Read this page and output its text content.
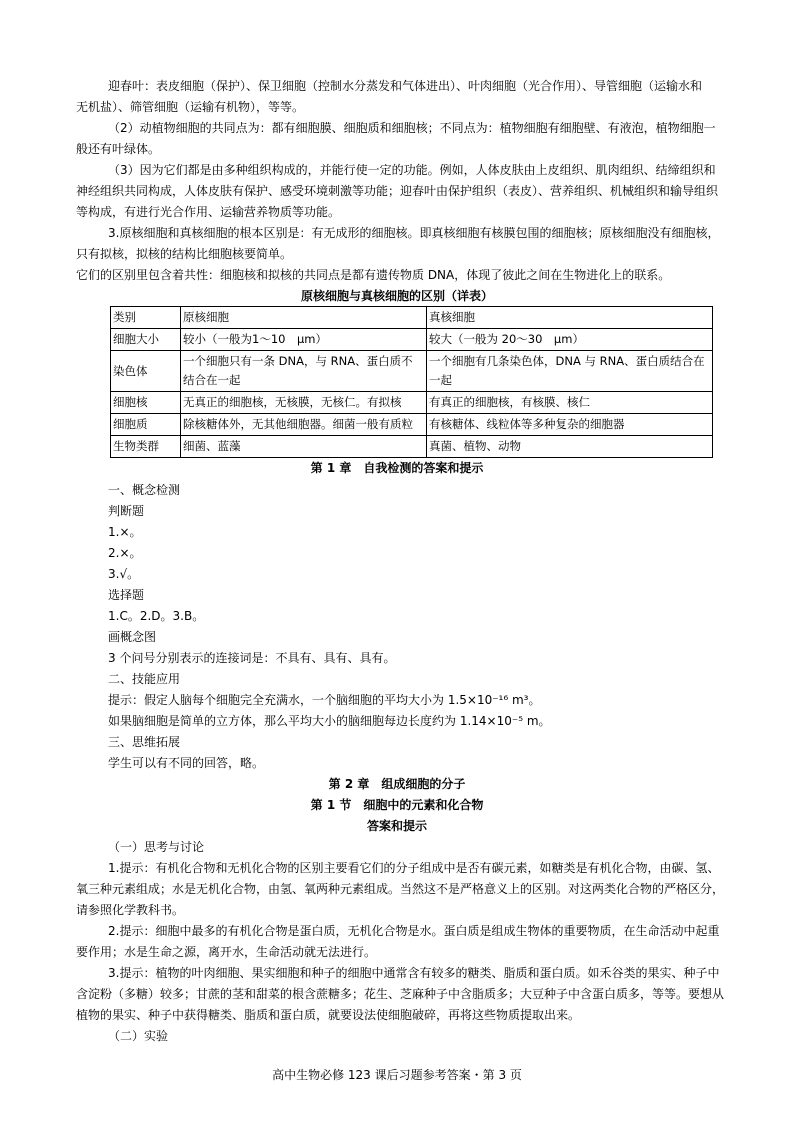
迎春叶：表皮细胞（保护）、保卫细胞（控制水分蒸发和气体进出）、叶肉细胞（光合作用）、导管细胞（运输水和
无机盐）、筛管细胞（运输有机物），等等。
（2）动植物细胞的共同点为：都有细胞膜、细胞质和细胞核；不同点为：植物细胞有细胞壁、有液泡，植物细胞一
般还有叶绿体。
（3）因为它们都是由多种组织构成的，并能行使一定的功能。例如，人体皮肤由上皮组织、肌肉组织、结缔组织和
神经组织共同构成，人体皮肤有保护、感受环境刺激等功能；迎春叶由保护组织（表皮）、营养组织、机械组织和输导组织
等构成，有进行光合作用、运输营养物质等功能。
3.原核细胞和真核细胞的根本区别是：有无成形的细胞核。即真核细胞有核膜包围的细胞核；原核细胞没有细胞核，
只有拟核，拟核的结构比细胞核要简单。
它们的区别里包含着共性：细胞核和拟核的共同点是都有遗传物质 DNA，体现了彼此之间在生物进化上的联系。
原核细胞与真核细胞的区别（详表）
类别	原核细胞	真核细胞
细胞大小	较小（一般为1～10　μm）	较大（一般为 20～30　μm）
染色体	一个细胞只有一条 DNA，与 RNA、蛋白质不结合在一起	一个细胞有几条染色体，DNA 与 RNA、蛋白质结合在一起
细胞核	无真正的细胞核，无核膜，无核仁。有拟核	有真正的细胞核，有核膜、核仁
细胞质	除核糖体外，无其他细胞器。细菌一般有质粒	有核糖体、线粒体等多种复杂的细胞器
生物类群	细菌、蓝藻	真菌、植物、动物
第 1 章　自我检测的答案和提示
一、概念检测
判断题
1.×。
2.×。
3.√。
选择题
1.C。2.D。3.B。
画概念图
3 个问号分别表示的连接词是：不具有、具有、具有。
二、技能应用
提示：假定人脑每个细胞完全充满水，一个脑细胞的平均大小为 1.5×10⁻¹⁶ m³。
如果脑细胞是简单的立方体，那么平均大小的脑细胞每边长度约为 1.14×10⁻⁵ m。
三、思维拓展
学生可以有不同的回答，略。
第 2 章　组成细胞的分子
第 1 节　细胞中的元素和化合物
答案和提示
（一）思考与讨论
1.提示：有机化合物和无机化合物的区别主要看它们的分子组成中是否有碳元素，如糖类是有机化合物，由碳、氢、
氧三种元素组成；水是无机化合物，由氢、氧两种元素组成。当然这不是严格意义上的区别。对这两类化合物的严格区分，
请参照化学教科书。
2.提示：细胞中最多的有机化合物是蛋白质，无机化合物是水。蛋白质是组成生物体的重要物质，在生命活动中起重
要作用；水是生命之源，离开水，生命活动就无法进行。
3.提示：植物的叶肉细胞、果实细胞和种子的细胞中通常含有较多的糖类、脂质和蛋白质。如禾谷类的果实、种子中
含淀粉（多糖）较多；甘蔗的茎和甜菜的根含蔗糖多；花生、芝麻种子中含脂质多；大豆种子中含蛋白质多，等等。要想从
植物的果实、种子中获得糖类、脂质和蛋白质，就要设法使细胞破碎，再将这些物质提取出来。
（二）实验
高中生物必修 123 课后习题参考答案・第 3 页
